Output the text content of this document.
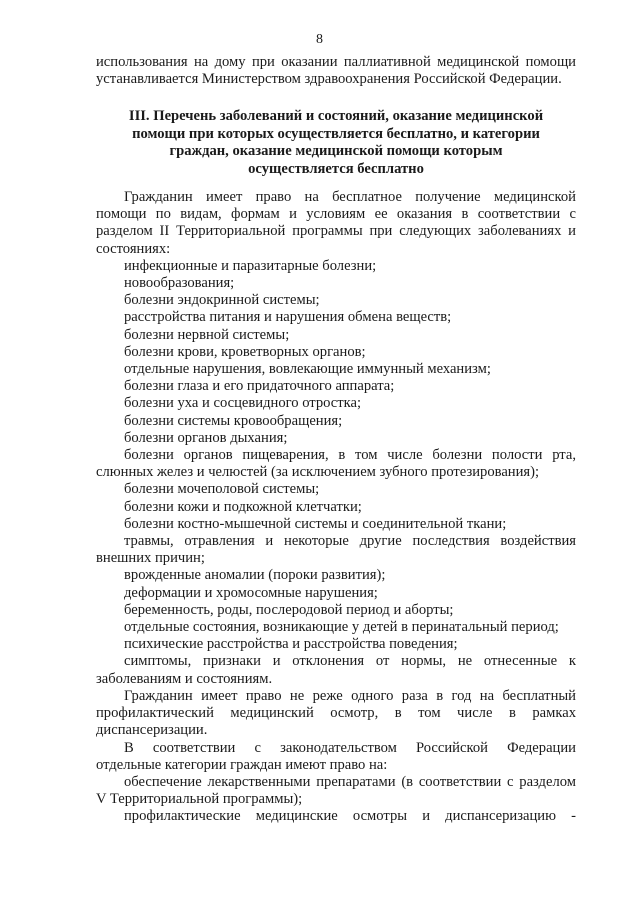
8
использования на дому при оказании паллиативной медицинской помощи
устанавливается Министерством здравоохранения Российской Федерации.
III. Перечень заболеваний и состояний, оказание медицинской
помощи при которых осуществляется бесплатно, и категории
граждан, оказание медицинской помощи которым
осуществляется бесплатно
Гражданин имеет право на бесплатное получение медицинской
помощи по видам, формам и условиям ее оказания в соответствии с
разделом II Территориальной программы при следующих заболеваниях и
состояниях:
инфекционные и паразитарные болезни;
новообразования;
болезни эндокринной системы;
расстройства питания и нарушения обмена веществ;
болезни нервной системы;
болезни крови, кроветворных органов;
отдельные нарушения, вовлекающие иммунный механизм;
болезни глаза и его придаточного аппарата;
болезни уха и сосцевидного отростка;
болезни системы кровообращения;
болезни органов дыхания;
болезни органов пищеварения, в том числе болезни полости рта,
слюнных желез и челюстей (за исключением зубного протезирования);
болезни мочеполовой системы;
болезни кожи и подкожной клетчатки;
болезни костно-мышечной системы и соединительной ткани;
травмы, отравления и некоторые другие последствия воздействия
внешних причин;
врожденные аномалии (пороки развития);
деформации и хромосомные нарушения;
беременность, роды, послеродовой период и аборты;
отдельные состояния, возникающие у детей в перинатальный период;
психические расстройства и расстройства поведения;
симптомы, признаки и отклонения от нормы, не отнесенные к
заболеваниям и состояниям.
Гражданин имеет право не реже одного раза в год на бесплатный
профилактический медицинский осмотр, в том числе в рамках
диспансеризации.
В соответствии с законодательством Российской Федерации
отдельные категории граждан имеют право на:
обеспечение лекарственными препаратами (в соответствии с разделом
V Территориальной программы);
профилактические медицинские осмотры и диспансеризацию -
